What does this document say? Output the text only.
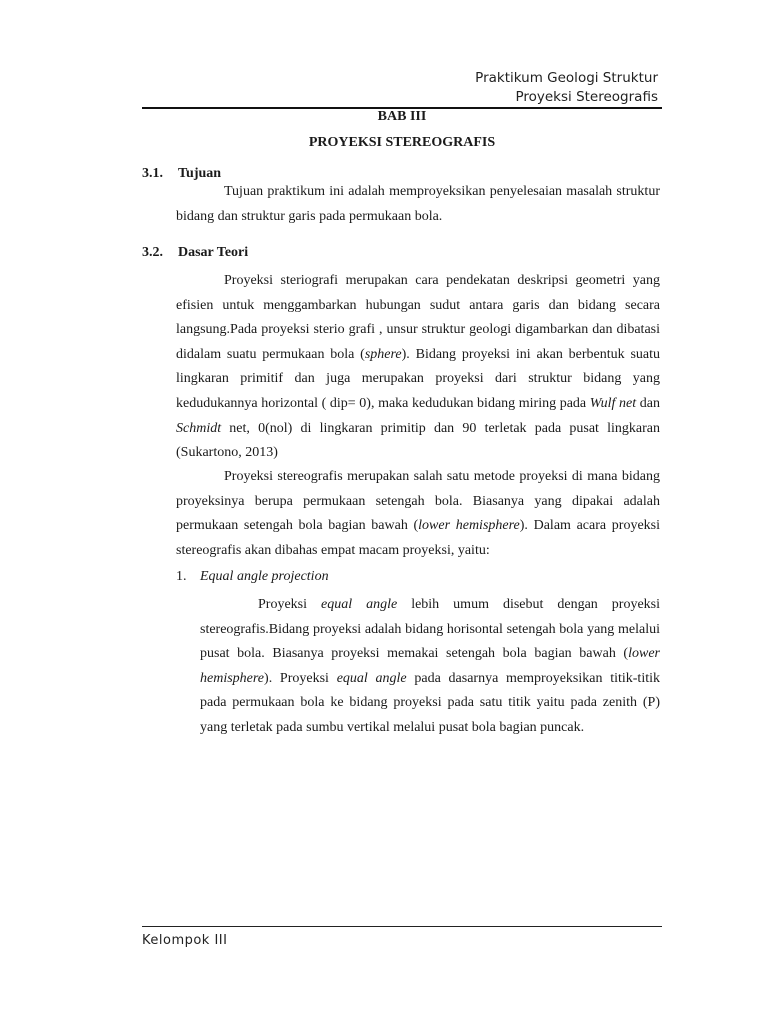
Praktikum Geologi Struktur
Proyeksi Stereografis
BAB III
PROYEKSI STEREOGRAFIS
3.1. Tujuan

Tujuan praktikum ini adalah memproyeksikan penyelesaian masalah struktur bidang dan struktur garis pada permukaan bola.

3.2. Dasar Teori

Proyeksi steriografi merupakan cara pendekatan deskripsi geometri yang efisien untuk menggambarkan hubungan sudut antara garis dan bidang secara langsung.Pada proyeksi sterio grafi , unsur struktur geologi digambarkan dan dibatasi didalam suatu permukaan bola (sphere). Bidang proyeksi ini akan berbentuk suatu lingkaran primitif dan juga merupakan proyeksi dari struktur bidang yang kedudukannya horizontal ( dip= 0), maka kedudukan bidang miring pada Wulf net dan Schmidt net, 0(nol) di lingkaran primitip dan 90 terletak pada pusat lingkaran (Sukartono, 2013)

Proyeksi stereografis merupakan salah satu metode proyeksi di mana bidang proyeksinya berupa permukaan setengah bola. Biasanya yang dipakai adalah permukaan setengah bola bagian bawah (lower hemisphere). Dalam acara proyeksi stereografis akan dibahas empat macam proyeksi, yaitu:

1. Equal angle projection

Proyeksi equal angle lebih umum disebut dengan proyeksi stereografis.Bidang proyeksi adalah bidang horisontal setengah bola yang melalui pusat bola. Biasanya proyeksi memakai setengah bola bagian bawah (lower hemisphere). Proyeksi equal angle pada dasarnya memproyeksikan titik-titik pada permukaan bola ke bidang proyeksi pada satu titik yaitu pada zenith (P) yang terletak pada sumbu vertikal melalui pusat bola bagian puncak.

Kelompok III
